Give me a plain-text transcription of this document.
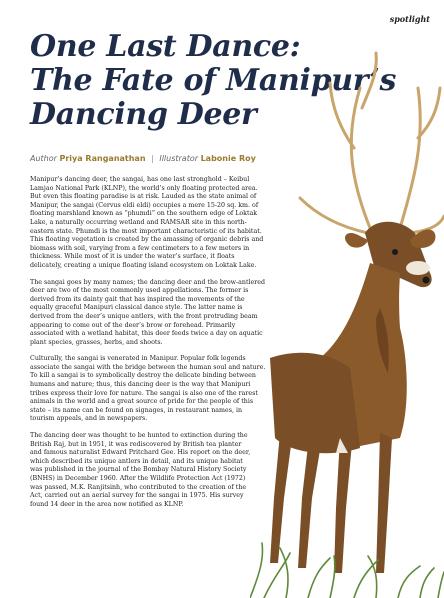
spotlight
One Last Dance:
The Fate of Manipur’s
Dancing Deer
Author Priya Ranganathan | Illustrator Labonie Roy

Manipur’s dancing deer, the sangai, has one last stronghold – Keibul Lamjao National Park (KLNP), the world’s only floating protected area. But even this floating paradise is at risk. Lauded as the state animal of Manipur, the sangai (Cervus eldi eldi) occupies a mere 15-20 sq. km. of floating marshland known as “phumdi” on the southern edge of Loktak Lake, a naturally occurring wetland and RAMSAR site in this north-eastern state. Phumdi is the most important characteristic of its habitat. This floating vegetation is created by the amassing of organic debris and biomass with soil, varying from a few centimeters to a few meters in thickness. While most of it is under the water’s surface, it floats delicately, creating a unique floating island ecosystem on Loktak Lake.

The sangai goes by many names; the dancing deer and the brow-antlered deer are two of the most commonly used appellations. The former is derived from its dainty gait that has inspired the movements of the equally graceful Manipuri classical dance style. The latter name is derived from the deer’s unique antlers, with the front protruding beam appearing to come out of the deer’s brow or forehead. Primarily associated with a wetland habitat, this deer feeds twice a day on aquatic plant species, grasses, herbs, and shoots.

Culturally, the sangai is venerated in Manipur. Popular folk legends associate the sangai with the bridge between the human soul and nature. To kill a sangai is to symbolically destroy the delicate binding between humans and nature; thus, this dancing deer is the way that Manipuri tribes express their love for nature. The sangai is also one of the rarest animals in the world and a great source of pride for the people of this state – its name can be found on signages, in restaurant names, in tourism appeals, and in newspapers.

The dancing deer was thought to be hunted to extinction during the British Raj, but in 1951, it was rediscovered by British tea planter and famous naturalist Edward Pritchard Gee. His report on the deer, which described its unique antlers in detail, and its unique habitat was published in the journal of the Bombay Natural History Society (BNHS) in December 1960. After the Wildlife Protection Act (1972) was passed, M.K. Ranjitsinh, who contributed to the creation of the Act, carried out an aerial survey for the sangai in 1975. His survey found 14 deer in the area now notified as KLNP.
